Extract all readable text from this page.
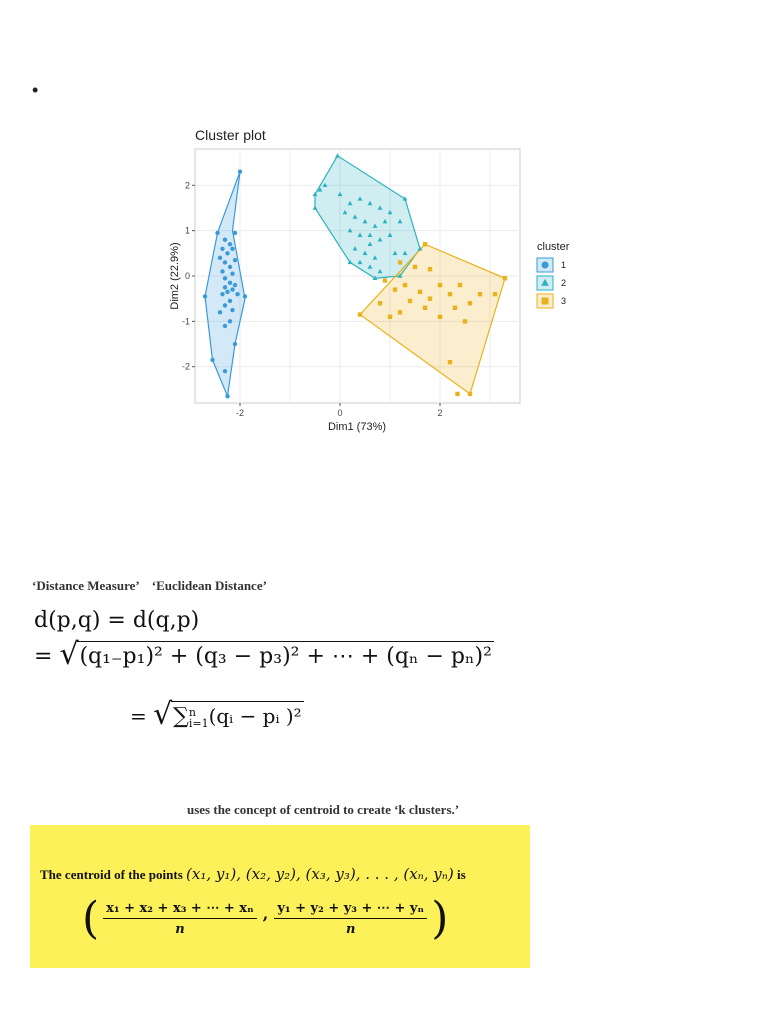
•
Cluster plot
-2	0	2
-2
-1
0
1
2
Dim1 (73%)
Dim2 (22.9%)	cluster
1
2
3
‘Distance Measure’    ‘Euclidean Distance’
d(p,q) = d(q,p)
= √ (q₁₋p₁)² + (q₃ − p₃)² + ⋯ + (qₙ − pₙ)²
= √ ∑n
i=1(qᵢ − pᵢ )²
uses the concept of centroid to create ‘k clusters.’
The centroid of the points (x₁, y₁), (x₂, y₂), (x₃, y₃), . . . , (xₙ, yₙ) is
( $\frac{\text{x₁ + x₂ + x₃ + ⋯ + xₙ}}{n}$ , $\frac{\text{y₁ + y₂ + y₃ + ⋯ + yₙ}}{n}$ )
